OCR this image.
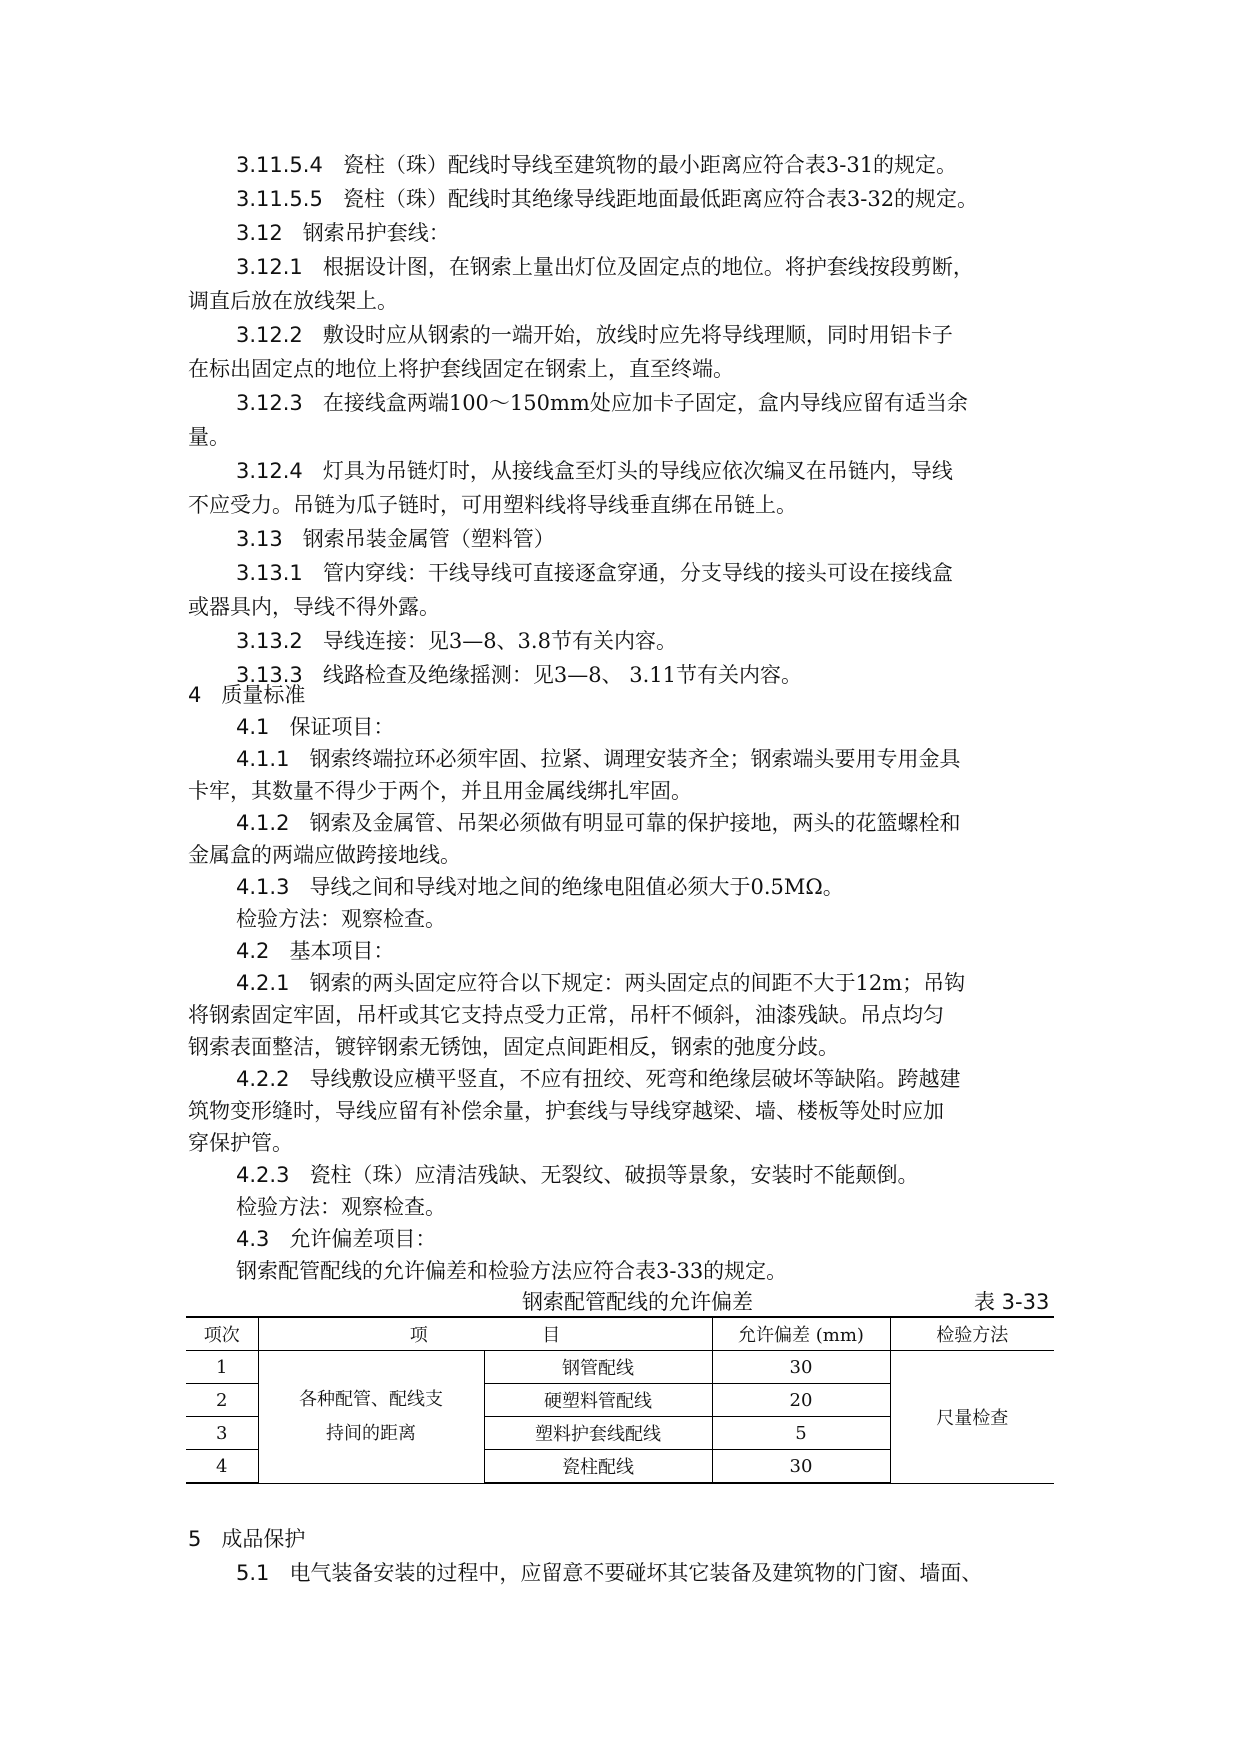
3.11.5.4 瓷柱（珠）配线时导线至建筑物的最小距离应符合表3-31的规定。
3.11.5.5 瓷柱（珠）配线时其绝缘导线距地面最低距离应符合表3-32的规定。
3.12 钢索吊护套线：
3.12.1 根据设计图，在钢索上量出灯位及固定点的地位。将护套线按段剪断，
调直后放在放线架上。
3.12.2 敷设时应从钢索的一端开始，放线时应先将导线理顺，同时用铝卡子
在标出固定点的地位上将护套线固定在钢索上，直至终端。
3.12.3 在接线盒两端100～150mm处应加卡子固定，盒内导线应留有适当余
量。
3.12.4 灯具为吊链灯时，从接线盒至灯头的导线应依次编叉在吊链内，导线
不应受力。吊链为瓜子链时，可用塑料线将导线垂直绑在吊链上。
3.13 钢索吊装金属管（塑料管）
3.13.1 管内穿线：干线导线可直接逐盒穿通，分支导线的接头可设在接线盒
或器具内，导线不得外露。
3.13.2 导线连接：见3—8、3.8节有关内容。
3.13.3 线路检查及绝缘摇测：见3—8、 3.11节有关内容。
4 质量标准
4.1 保证项目：
4.1.1 钢索终端拉环必须牢固、拉紧、调理安装齐全；钢索端头要用专用金具
卡牢，其数量不得少于两个，并且用金属线绑扎牢固。
4.1.2 钢索及金属管、吊架必须做有明显可靠的保护接地，两头的花篮螺栓和
金属盒的两端应做跨接地线。
4.1.3 导线之间和导线对地之间的绝缘电阻值必须大于0.5MΩ。
检验方法：观察检查。
4.2 基本项目：
4.2.1 钢索的两头固定应符合以下规定：两头固定点的间距不大于12m；吊钩
将钢索固定牢固，吊杆或其它支持点受力正常，吊杆不倾斜，油漆残缺。吊点均匀
钢索表面整洁，镀锌钢索无锈蚀，固定点间距相反，钢索的弛度分歧。
4.2.2 导线敷设应横平竖直，不应有扭绞、死弯和绝缘层破坏等缺陷。跨越建
筑物变形缝时，导线应留有补偿余量，护套线与导线穿越梁、墙、楼板等处时应加
穿保护管。
4.2.3 瓷柱（珠）应清洁残缺、无裂纹、破损等景象，安装时不能颠倒。
检验方法：观察检查。
4.3 允许偏差项目：
钢索配管配线的允许偏差和检验方法应符合表3-33的规定。
钢索配管配线的允许偏差	表 3-33
项次	项 目		允许偏差 (mm)	检验方法
1	各种配管、配线支持间的距离	钢管配线	30	尺量检查
2		硬塑料管配线	20	
3		塑料护套线配线	5	
4		瓷柱配线	30	
5 成品保护
5.1 电气装备安装的过程中，应留意不要碰坏其它装备及建筑物的门窗、墙面、
